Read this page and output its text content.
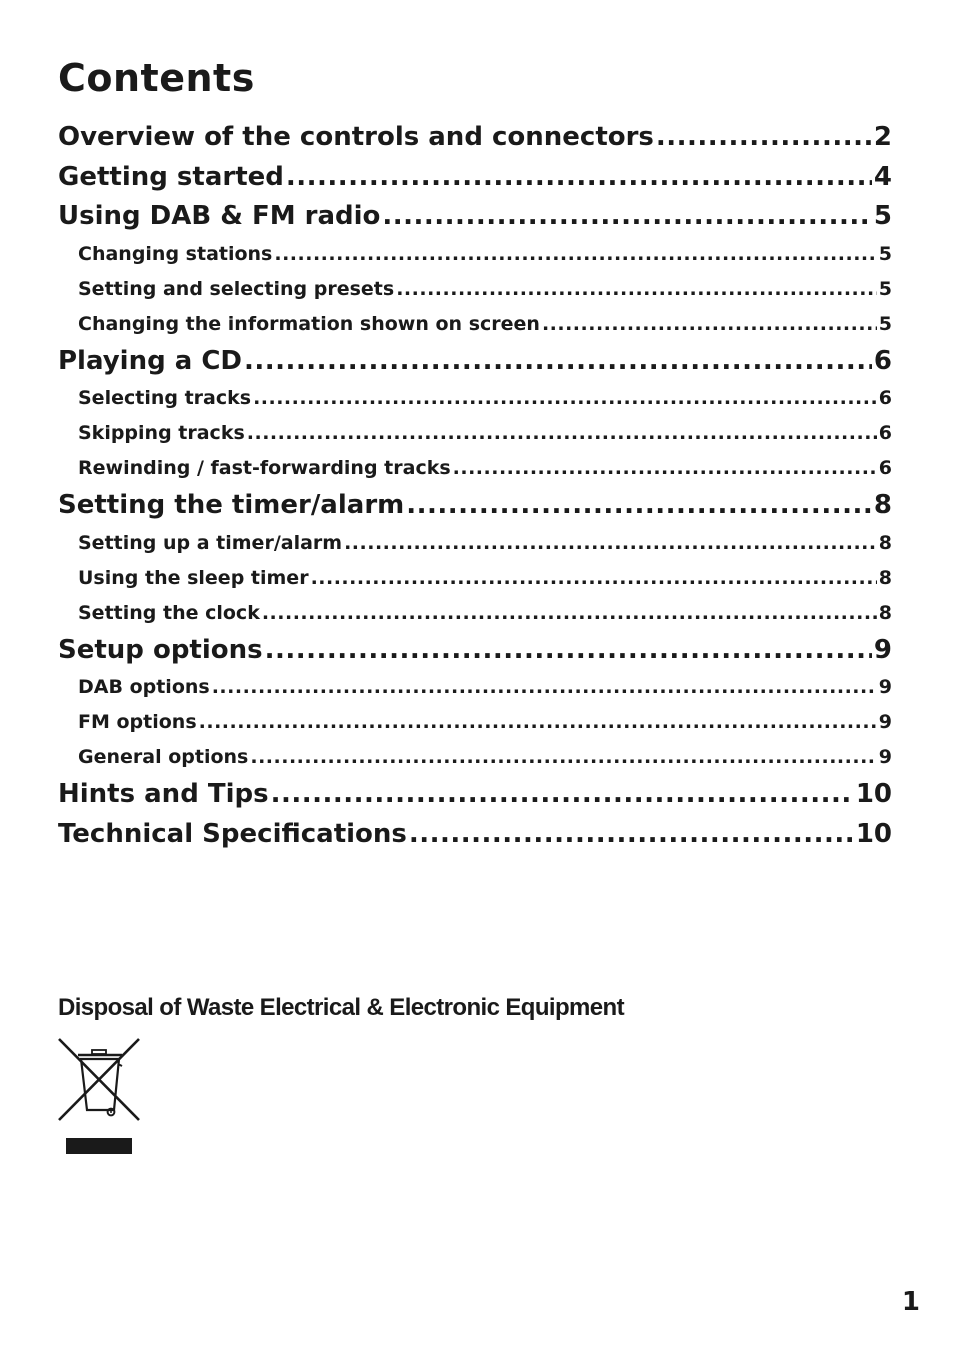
Contents
Overview of the controls and connectors .....	2
Getting started .....	4
Using DAB & FM radio .....	5
Changing stations .....	5
Setting and selecting presets .....	5
Changing the information shown on screen .....	5
Playing a CD .....	6
Selecting tracks .....	6
Skipping tracks .....	6
Rewinding / fast-forwarding tracks .....	6
Setting the timer/alarm .....	8
Setting up a timer/alarm .....	8
Using the sleep timer .....	8
Setting the clock .....	8
Setup options .....	9
DAB options .....	9
FM options .....	9
General options .....	9
Hints and Tips .....	10
Technical Specifications .....	10
Disposal of Waste Electrical & Electronic Equipment
1
